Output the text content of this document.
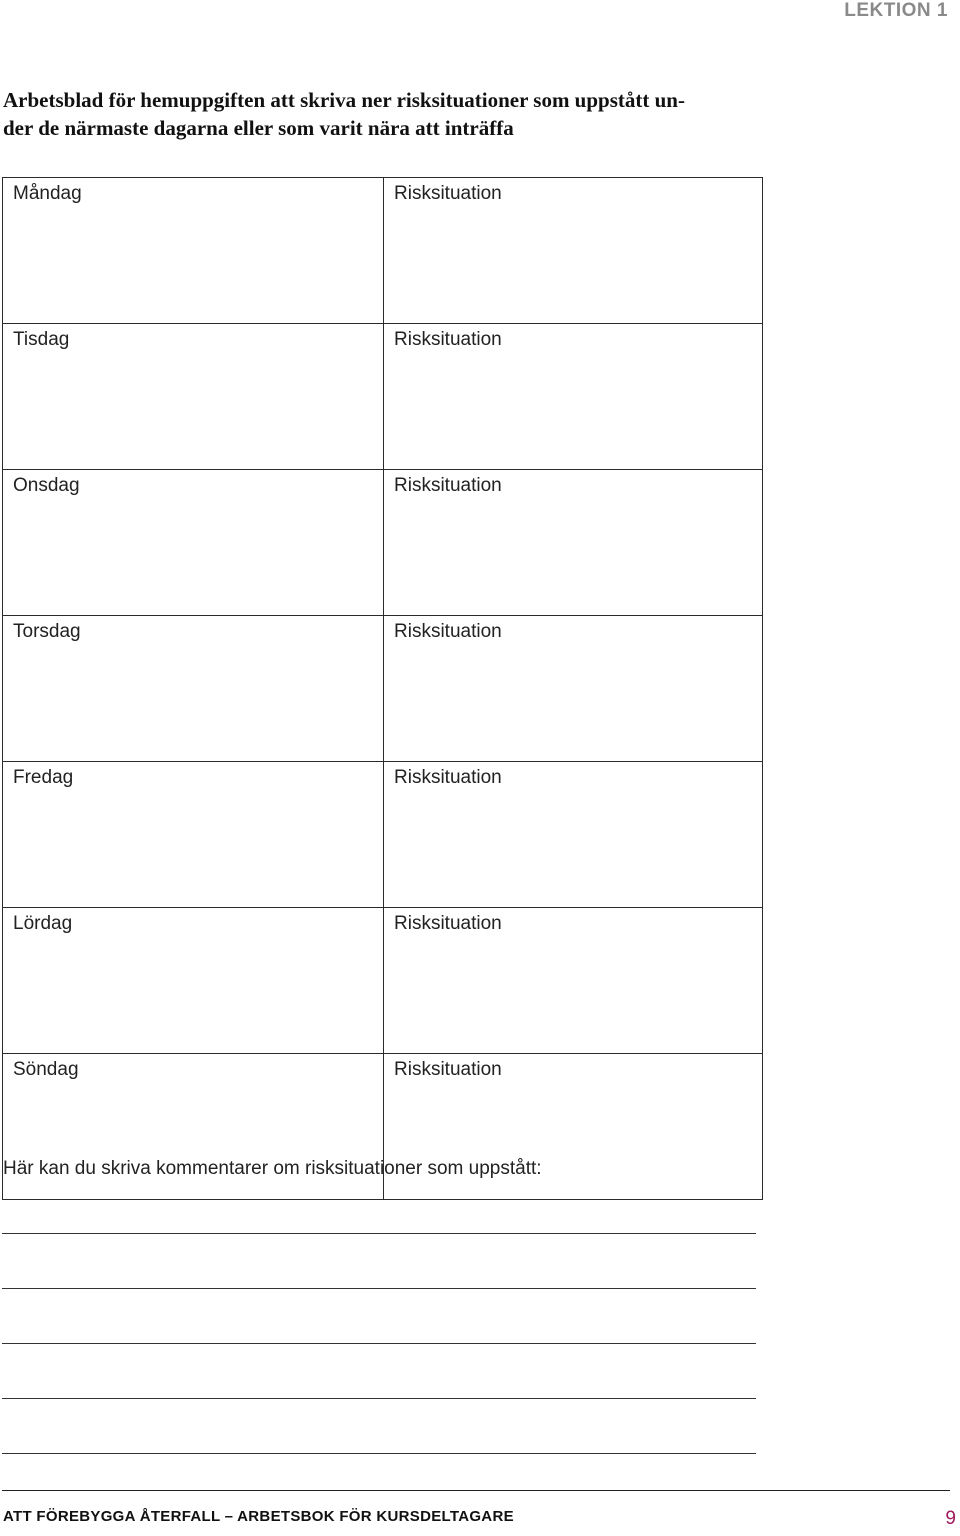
LEKTION 1
Arbetsblad för hemuppgiften att skriva ner risksituationer som uppstått un-
der de närmaste dagarna eller som varit nära att inträffa
Måndag	Risksituation
Tisdag	Risksituation
Onsdag	Risksituation
Torsdag	Risksituation
Fredag	Risksituation
Lördag	Risksituation
Söndag	Risksituation
Här kan du skriva kommentarer om risksituationer som uppstått:
ATT FÖREBYGGA ÅTERFALL – ARBETSBOK FÖR KURSDELTAGARE	9
